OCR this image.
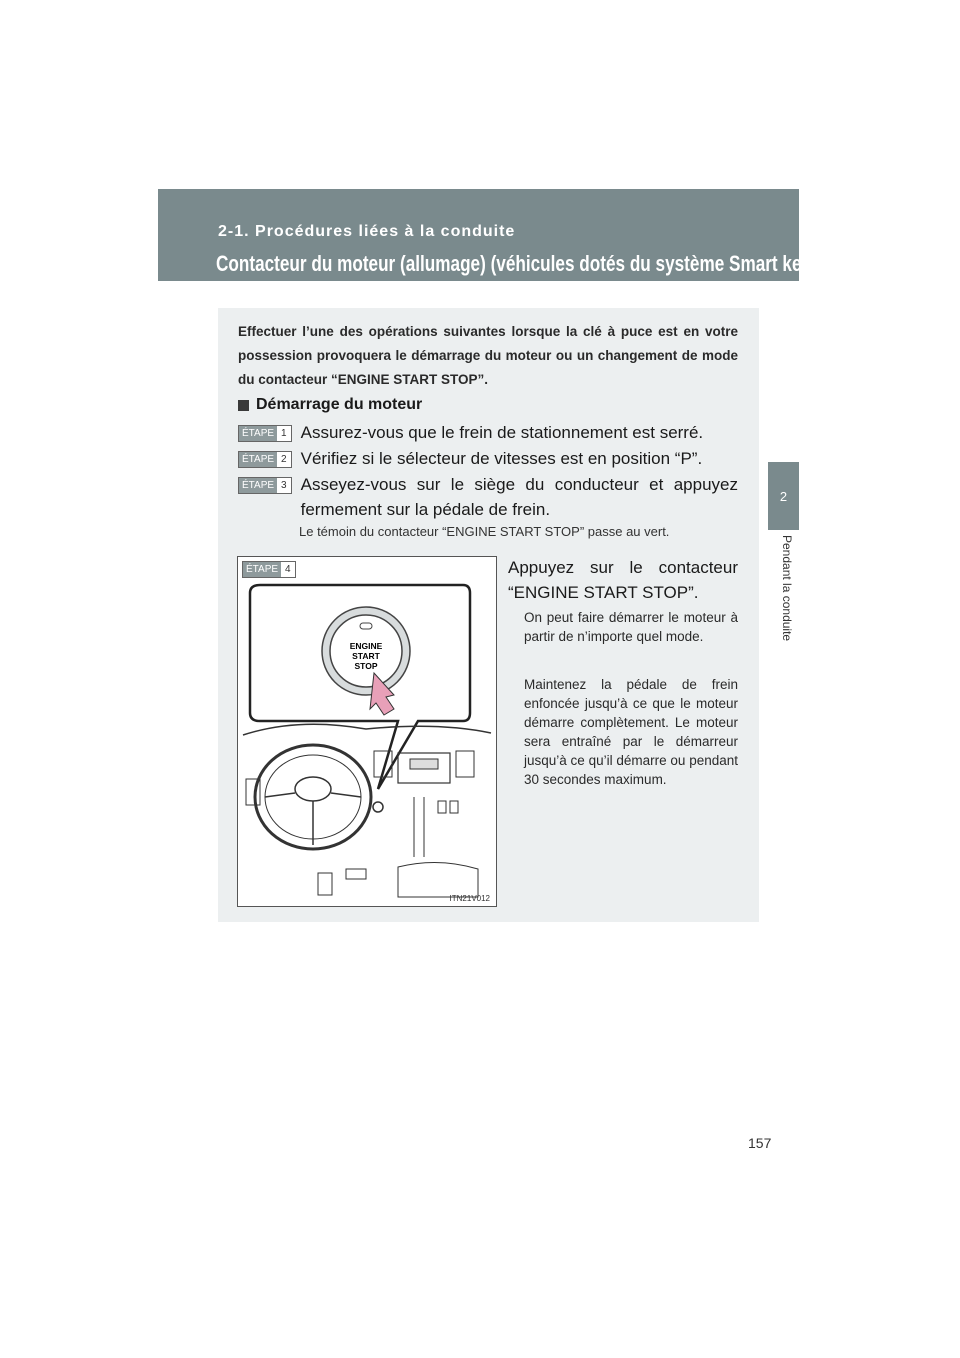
2-1. Procédures liées à la conduite
Contacteur du moteur (allumage) (véhicules dotés du système Smart key)
2
Pendant la conduite
Effectuer l’une des opérations suivantes lorsque la clé à puce est en votre possession provoquera le démarrage du moteur ou un changement de mode du contacteur “ENGINE START STOP”.
Démarrage du moteur
ÉTAPE 1 Assurez-vous que le frein de stationnement est serré.
ÉTAPE 2 Vérifiez si le sélecteur de vitesses est en position “P”.
ÉTAPE 3 Asseyez-vous sur le siège du conducteur et appuyez fermement sur la pédale de frein.
Le témoin du contacteur “ENGINE START STOP” passe au vert.
ÉTAPE 4
ENGINE
START
STOP
ITN21V012
Appuyez sur le contacteur “ENGINE START STOP”.
On peut faire démarrer le moteur à partir de n’importe quel mode.
Maintenez la pédale de frein enfoncée jusqu’à ce que le moteur démarre complètement. Le moteur sera entraîné par le démarreur jusqu’à ce qu’il démarre ou pendant 30 secondes maximum.
157
